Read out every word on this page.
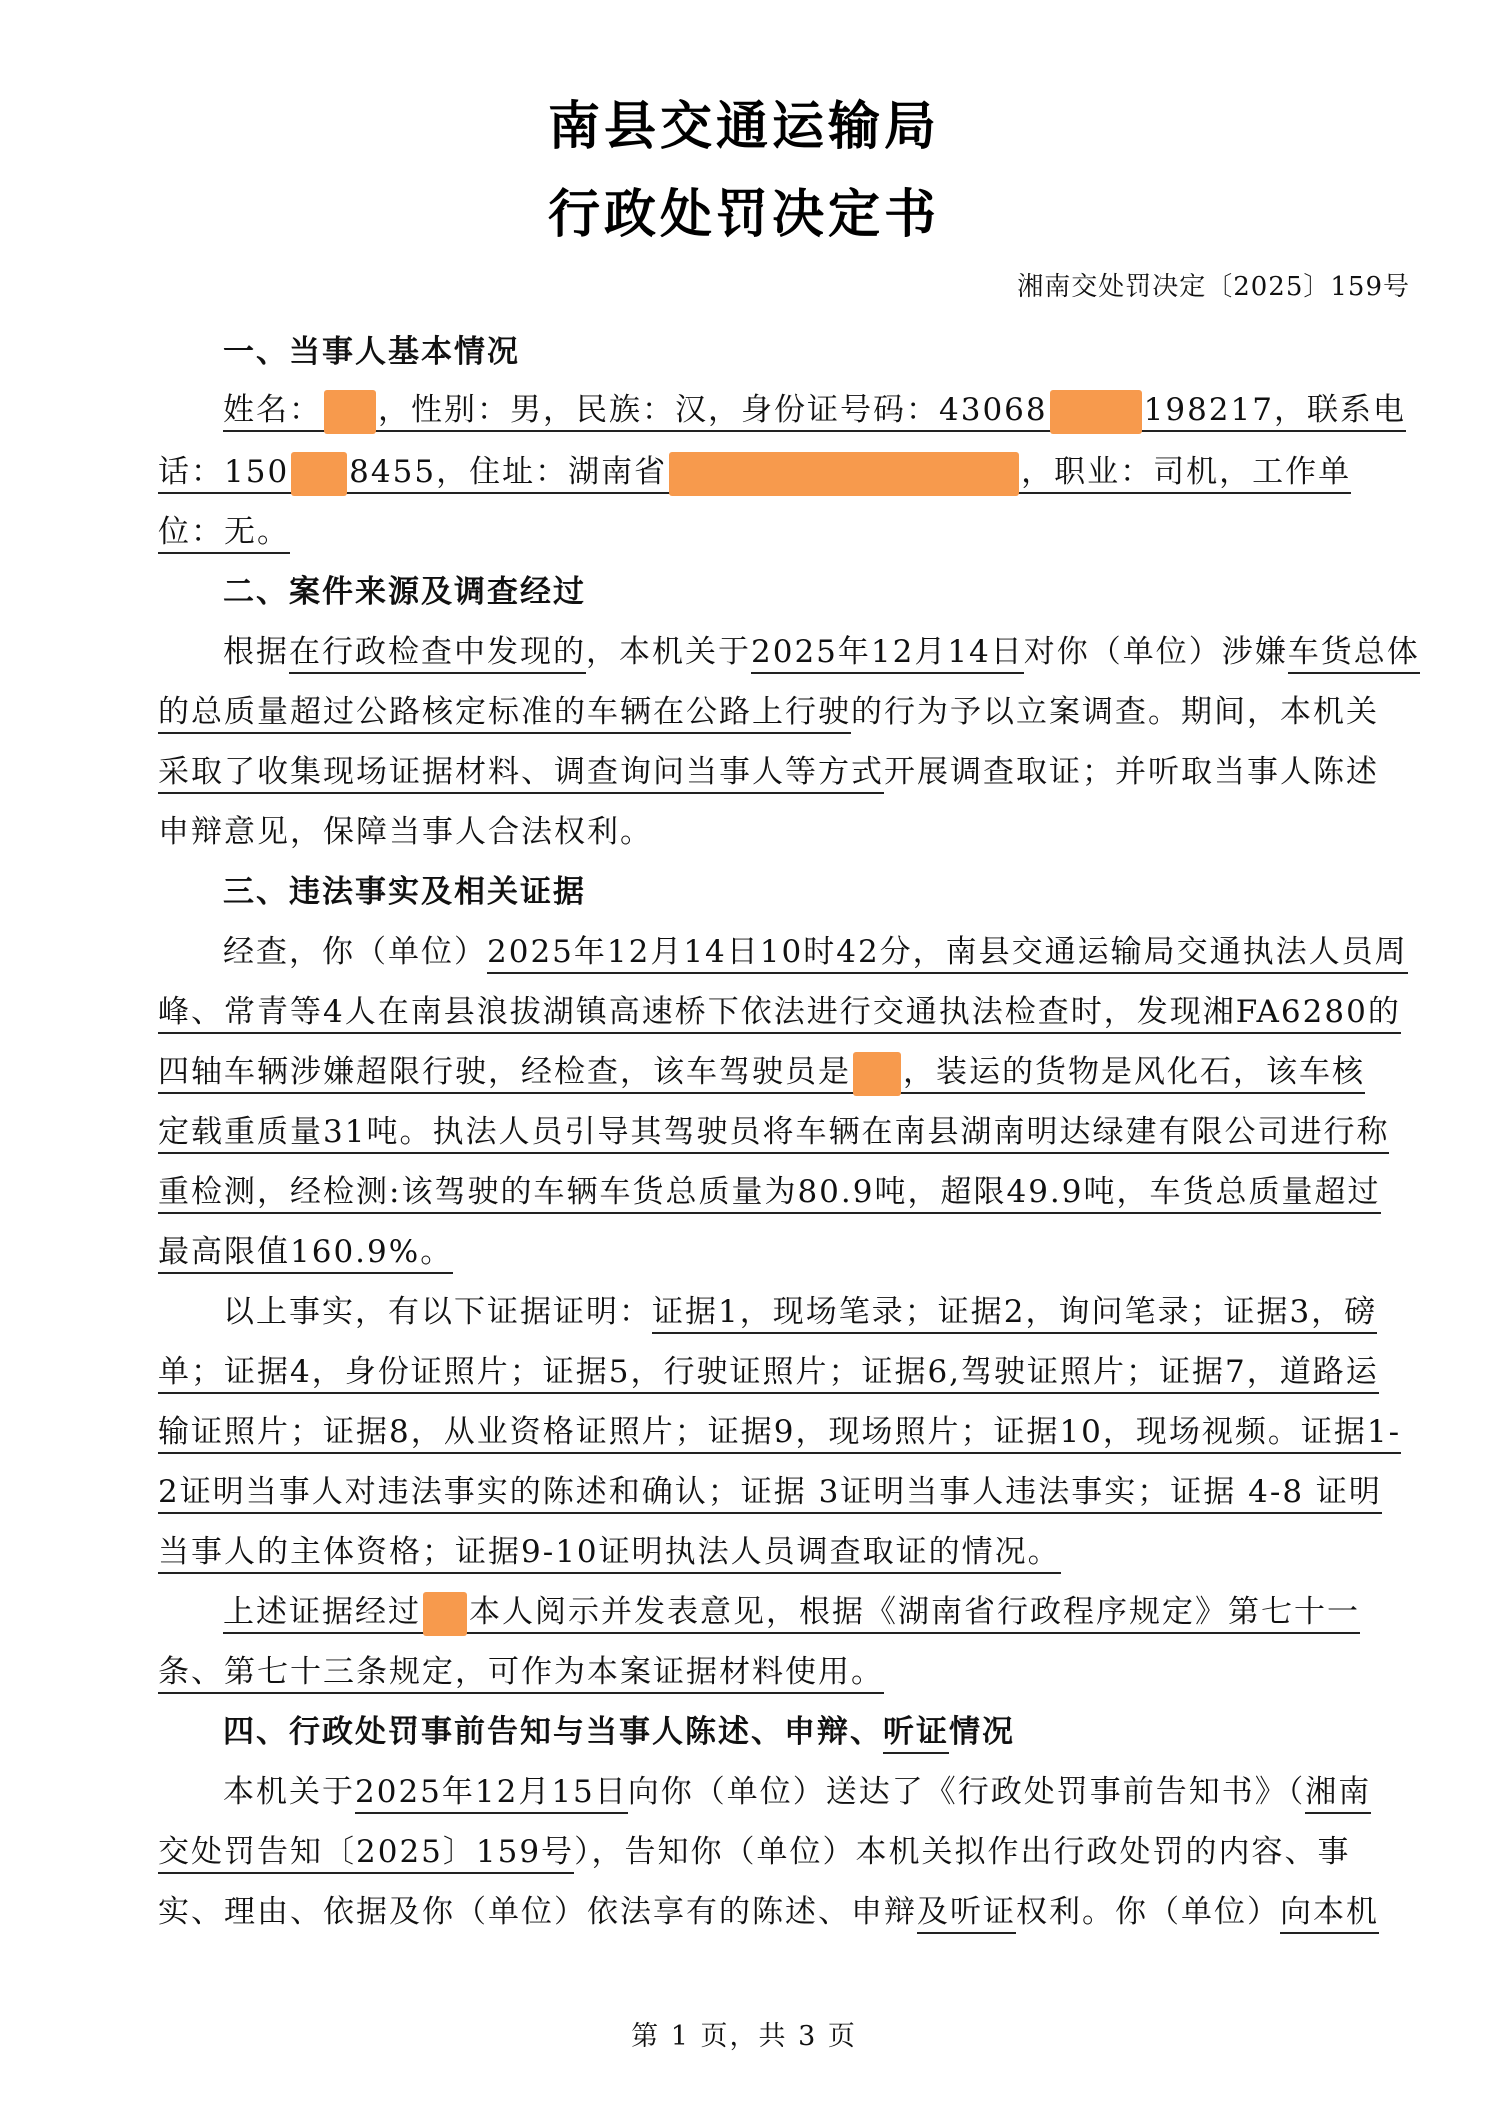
南县交通运输局
行政处罚决定书
湘南交处罚决定〔2025〕159号
一、当事人基本情况
姓名： ，性别：男，民族：汉，身份证号码：43068	198217，联系电
话：150 8455，住址：湖南省	，职业：司机，工作单
位：无。
二、案件来源及调查经过
根据在行政检查中发现的，本机关于2025年12月14日对你（单位）涉嫌车货总体
的总质量超过公路核定标准的车辆在公路上行驶的行为予以立案调查。期间，本机关
采取了收集现场证据材料、调查询问当事人等方式开展调查取证；并听取当事人陈述
申辩意见，保障当事人合法权利。
三、违法事实及相关证据
经查，你（单位）2025年12月14日10时42分，南县交通运输局交通执法人员周
峰、常青等4人在南县浪拔湖镇高速桥下依法进行交通执法检查时，发现湘FA6280的
四轴车辆涉嫌超限行驶，经检查，该车驾驶员是 ，装运的货物是风化石，该车核
定载重质量31吨。执法人员引导其驾驶员将车辆在南县湖南明达绿建有限公司进行称
重检测，经检测:该驾驶的车辆车货总质量为80.9吨，超限49.9吨，车货总质量超过
最高限值160.9%。
以上事实，有以下证据证明：证据1，现场笔录；证据2，询问笔录；证据3，磅
单；证据4，身份证照片；证据5，行驶证照片；证据6,驾驶证照片；证据7，道路运
输证照片；证据8，从业资格证照片；证据9，现场照片；证据10，现场视频。证据1-
2证明当事人对违法事实的陈述和确认；证据 3证明当事人违法事实；证据 4-8 证明
当事人的主体资格；证据9-10证明执法人员调查取证的情况。
上述证据经过 本人阅示并发表意见，根据《湖南省行政程序规定》第七十一
条、第七十三条规定，可作为本案证据材料使用。
四、行政处罚事前告知与当事人陈述、申辩、听证情况
本机关于2025年12月15日向你（单位）送达了《行政处罚事前告知书》（湘南
交处罚告知〔2025〕159号），告知你（单位）本机关拟作出行政处罚的内容、事
实、理由、依据及你（单位）依法享有的陈述、申辩及听证权利。你（单位）向本机
第 1 页，共 3 页
